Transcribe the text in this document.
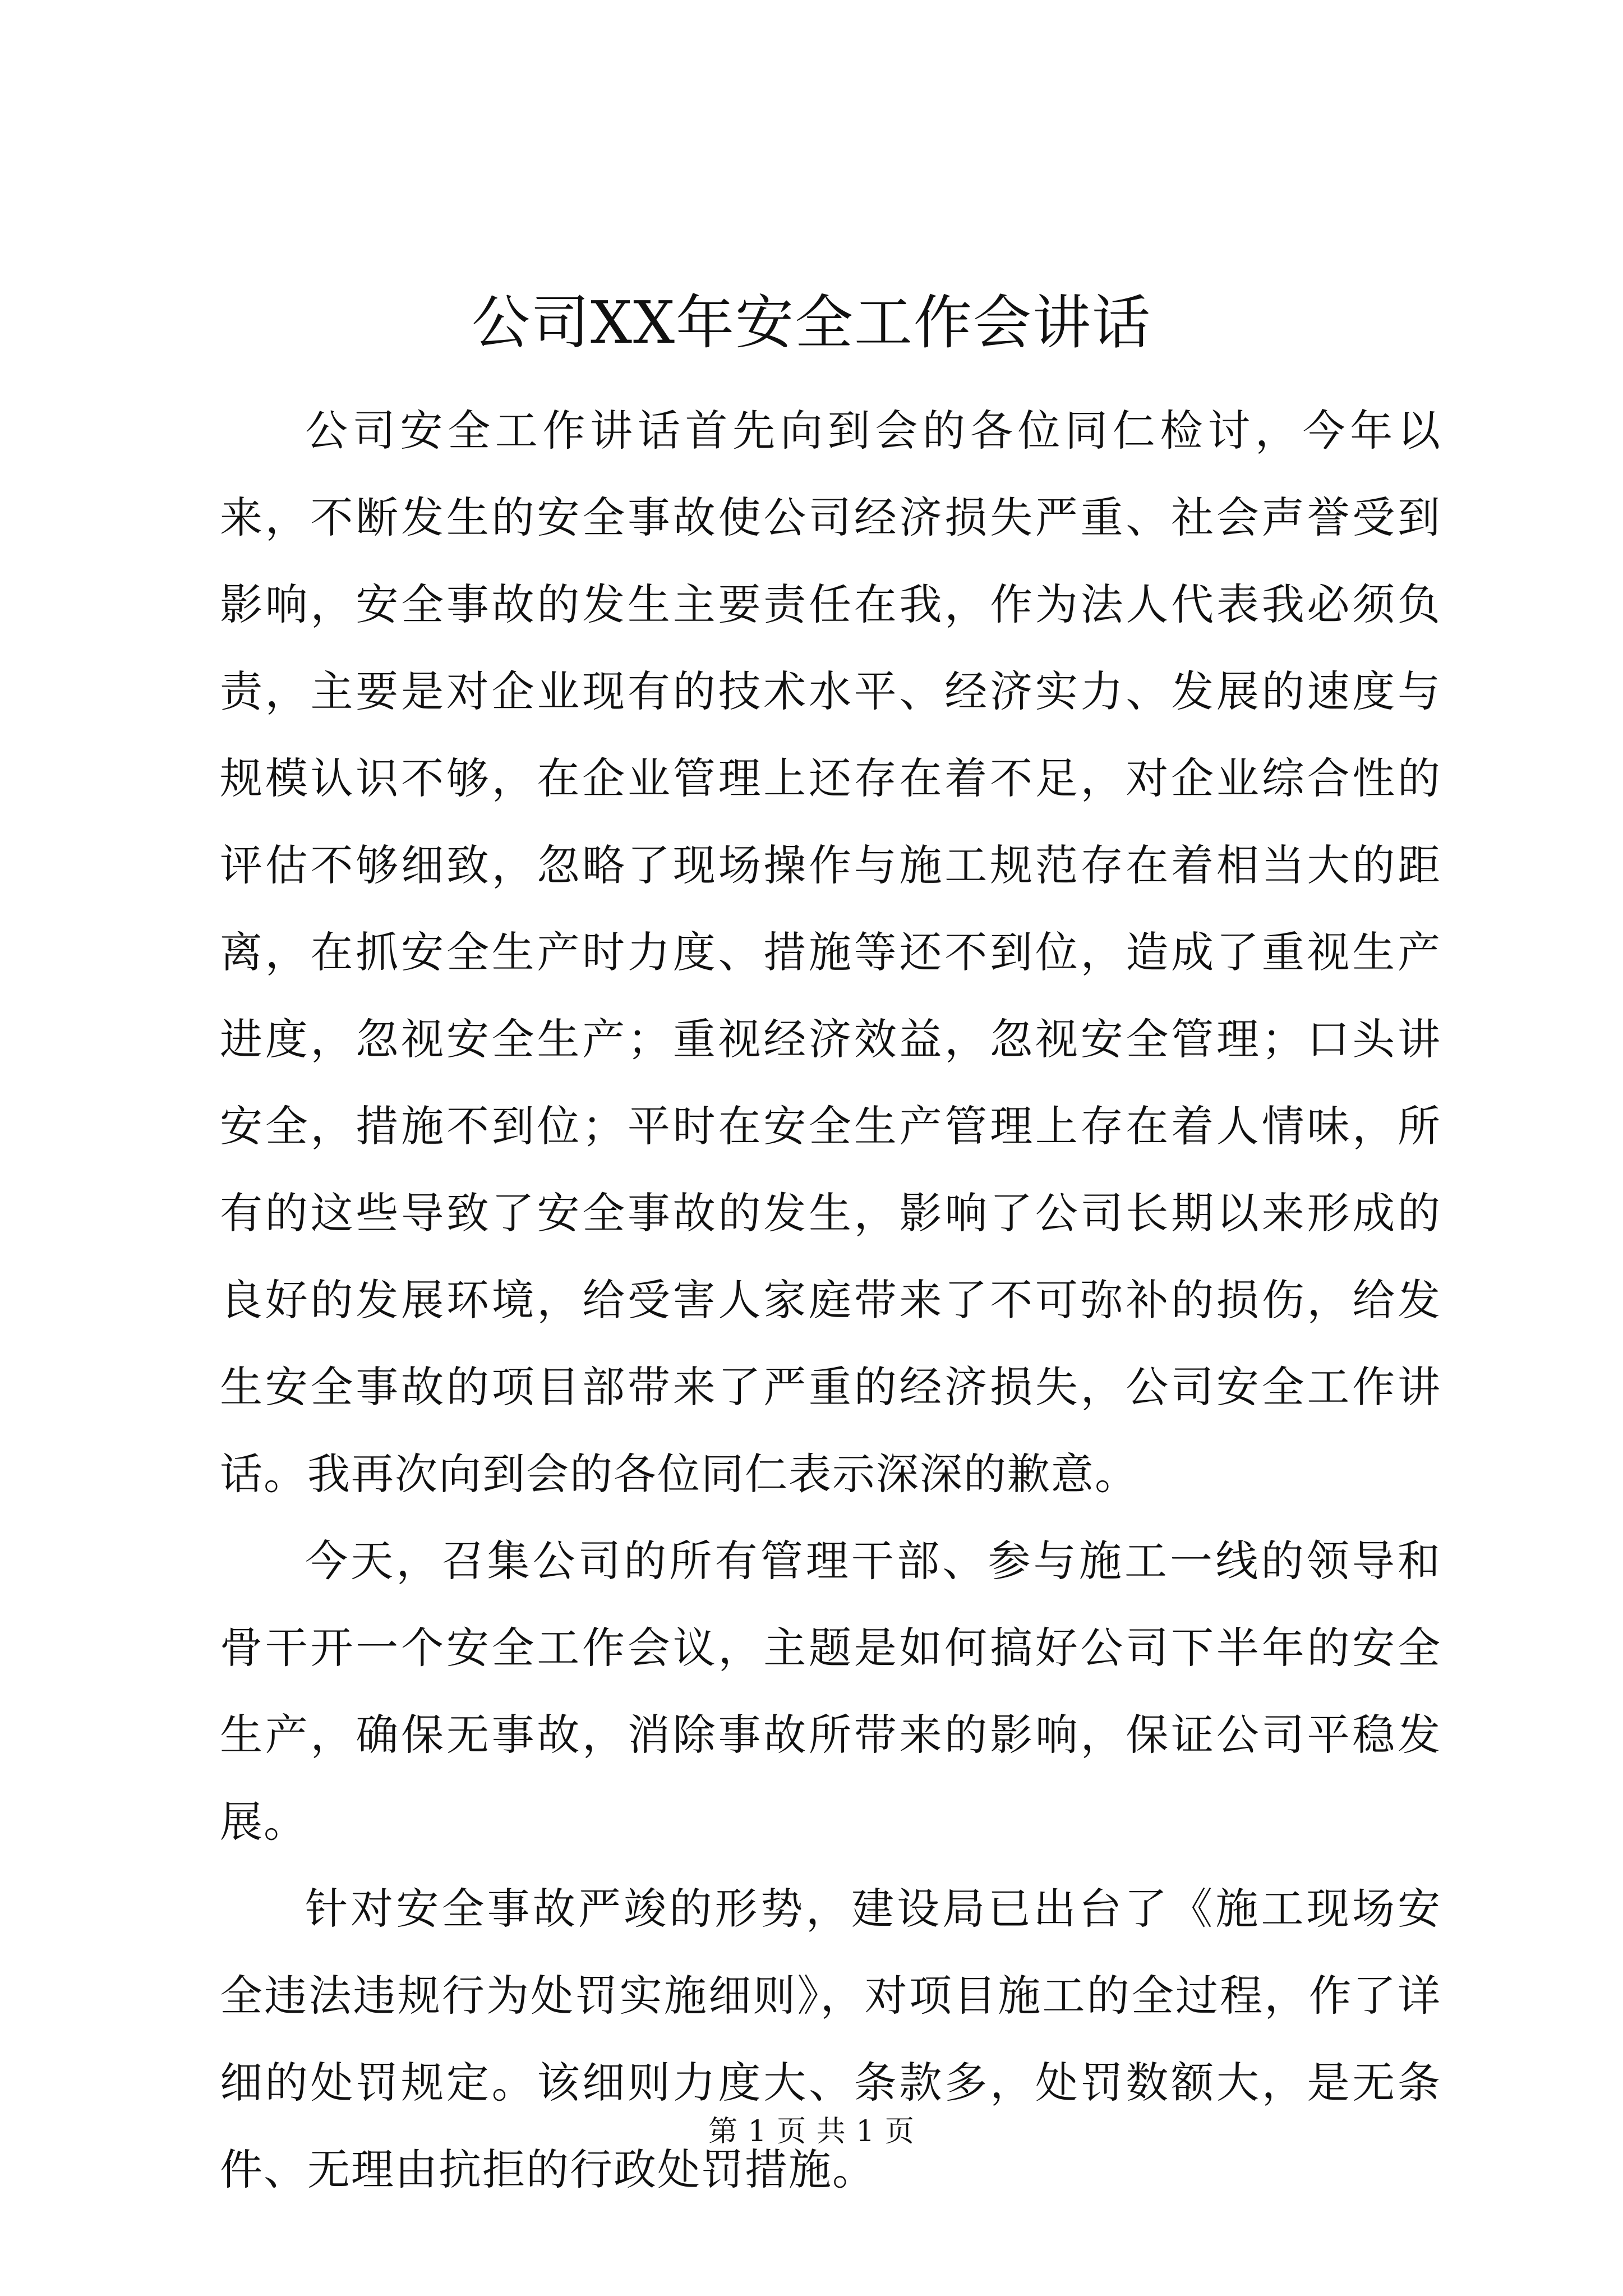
公司XX年安全工作会讲话

公司安全工作讲话首先向到会的各位同仁检讨，今年以来，不断发生的安全事故使公司经济损失严重、社会声誉受到影响，安全事故的发生主要责任在我，作为法人代表我必须负责，主要是对企业现有的技术水平、经济实力、发展的速度与规模认识不够，在企业管理上还存在着不足，对企业综合性的评估不够细致，忽略了现场操作与施工规范存在着相当大的距离，在抓安全生产时力度、措施等还不到位，造成了重视生产进度，忽视安全生产；重视经济效益，忽视安全管理；口头讲安全，措施不到位；平时在安全生产管理上存在着人情味，所有的这些导致了安全事故的发生，影响了公司长期以来形成的良好的发展环境，给受害人家庭带来了不可弥补的损伤，给发生安全事故的项目部带来了严重的经济损失，公司安全工作讲话。我再次向到会的各位同仁表示深深的歉意。

今天，召集公司的所有管理干部、参与施工一线的领导和骨干开一个安全工作会议，主题是如何搞好公司下半年的安全生产，确保无事故，消除事故所带来的影响，保证公司平稳发展。

针对安全事故严竣的形势，建设局已出台了《施工现场安全违法违规行为处罚实施细则》，对项目施工的全过程，作了详细的处罚规定。该细则力度大、条款多，处罚数额大，是无条件、无理由抗拒的行政处罚措施。

第 1 页 共 1 页
